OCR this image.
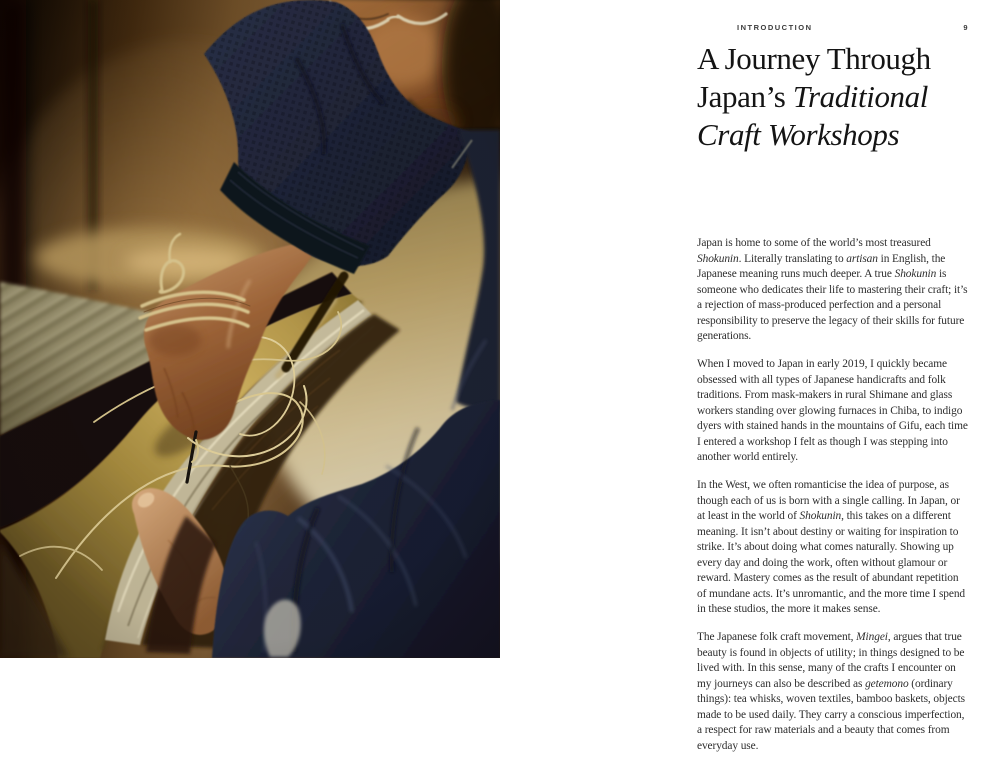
INTRODUCTION	9
A Journey Through Japan’s Traditional Craft Workshops

Japan is home to some of the world’s most treasured Shokunin. Literally translating to artisan in English, the Japanese meaning runs much deeper. A true Shokunin is someone who dedicates their life to mastering their craft; it’s a rejection of mass-produced perfection and a personal responsibility to preserve the legacy of their skills for future generations.

When I moved to Japan in early 2019, I quickly became obsessed with all types of Japanese handicrafts and folk traditions. From mask-makers in rural Shimane and glass workers standing over glowing furnaces in Chiba, to indigo dyers with stained hands in the mountains of Gifu, each time I entered a workshop I felt as though I was stepping into another world entirely.

In the West, we often romanticise the idea of purpose, as though each of us is born with a single calling. In Japan, or at least in the world of Shokunin, this takes on a different meaning. It isn’t about destiny or waiting for inspiration to strike. It’s about doing what comes naturally. Showing up every day and doing the work, often without glamour or reward. Mastery comes as the result of abundant repetition of mundane acts. It’s unromantic, and the more time I spend in these studios, the more it makes sense.

The Japanese folk craft movement, Mingei, argues that true beauty is found in objects of utility; in things designed to be lived with. In this sense, many of the crafts I encounter on my journeys can also be described as getemono (ordinary things): tea whisks, woven textiles, bamboo baskets, objects made to be used daily. They carry a conscious imperfection, a respect for raw materials and a beauty that comes from everyday use.
